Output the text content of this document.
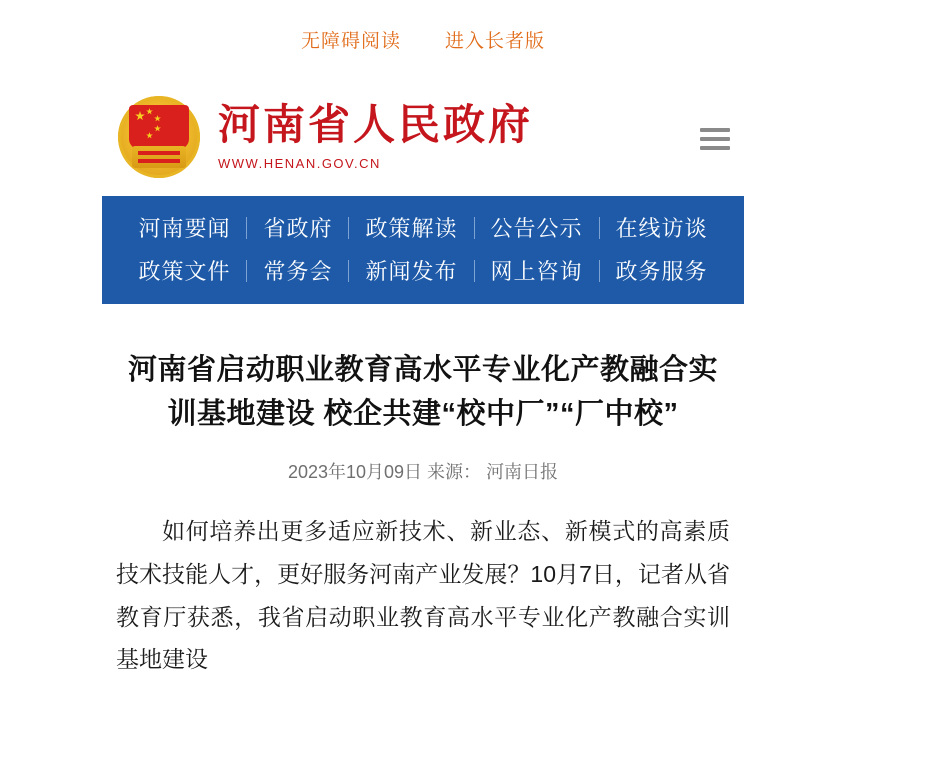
无障碍阅读 进入长者版
河南省人民政府
WWW.HENAN.GOV.CN
河南要闻	省政府	政策解读	公告公示	在线访谈
政策文件	常务会	新闻发布	网上咨询	政务服务
河南省启动职业教育高水平专业化产教融合实训基地建设 校企共建“校中厂”“厂中校”
2023年10月09日 来源： 河南日报

如何培养出更多适应新技术、新业态、新模式的高素质技术技能人才，更好服务河南产业发展？10月7日，记者从省教育厅获悉，我省启动职业教育高水平专业化产教融合实训基地建设
